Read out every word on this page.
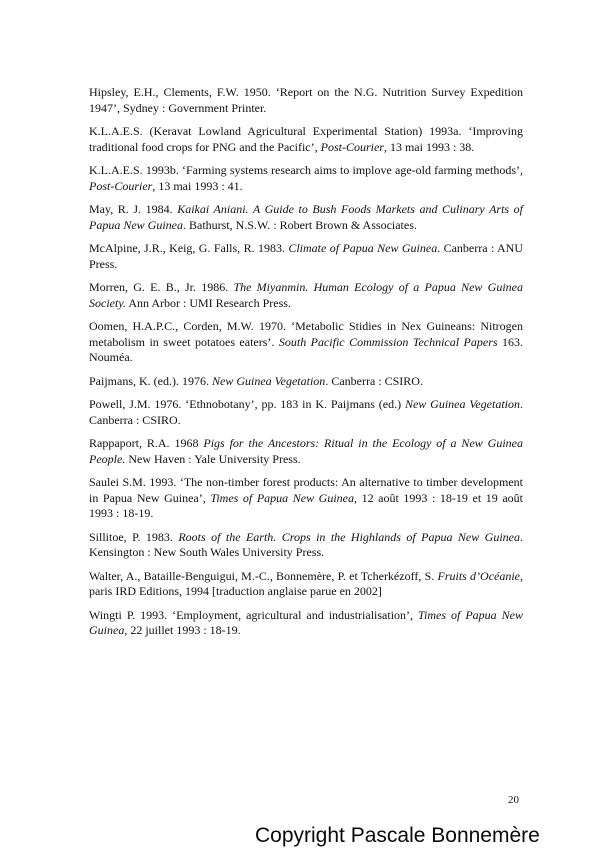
Hipsley, E.H., Clements, F.W. 1950. ‘Report on the N.G. Nutrition Survey Expedition 1947’, Sydney : Government Printer.

K.L.A.E.S. (Keravat Lowland Agricultural Experimental Station) 1993a. ‘Improving traditional food crops for PNG and the Pacific’, Post-Courier, 13 mai 1993 : 38.

K.L.A.E.S. 1993b. ‘Farming systems research aims to implove age-old farming methods’, Post-Courier, 13 mai 1993 : 41.

May, R. J. 1984. Kaikai Aniani. A Guide to Bush Foods Markets and Culinary Arts of Papua New Guinea. Bathurst, N.S.W. : Robert Brown & Associates.

McAlpine, J.R., Keig, G. Falls, R. 1983. Climate of Papua New Guinea. Canberra : ANU Press.

Morren, G. E. B., Jr. 1986. The Miyanmin. Human Ecology of a Papua New Guinea Society. Ann Arbor : UMI Research Press.

Oomen, H.A.P.C., Corden, M.W. 1970. ‘Metabolic Stidies in Nex Guineans: Nitrogen metabolism in sweet potatoes eaters’. South Pacific Commission Technical Papers 163. Nouméa.

Paijmans, K. (ed.). 1976. New Guinea Vegetation. Canberra : CSIRO.

Powell, J.M. 1976. ‘Ethnobotany’, pp. 183 in K. Paijmans (ed.) New Guinea Vegetation. Canberra : CSIRO.

Rappaport, R.A. 1968 Pigs for the Ancestors: Ritual in the Ecology of a New Guinea People. New Haven : Yale University Press.

Saulei S.M. 1993. ‘The non-timber forest products: An alternative to timber development in Papua New Guinea’, Times of Papua New Guinea, 12 août 1993 : 18-19 et 19 août 1993 : 18-19.

Sillitoe, P. 1983. Roots of the Earth. Crops in the Highlands of Papua New Guinea. Kensington : New South Wales University Press.

Walter, A., Bataille-Benguigui, M.-C., Bonnemère, P. et Tcherkézoff, S. Fruits d’Océanie, paris IRD Editions, 1994 [traduction anglaise parue en 2002]

Wingti P. 1993. ‘Employment, agricultural and industrialisation’, Times of Papua New Guinea, 22 juillet 1993 : 18-19.

20
Copyright Pascale Bonnemère
